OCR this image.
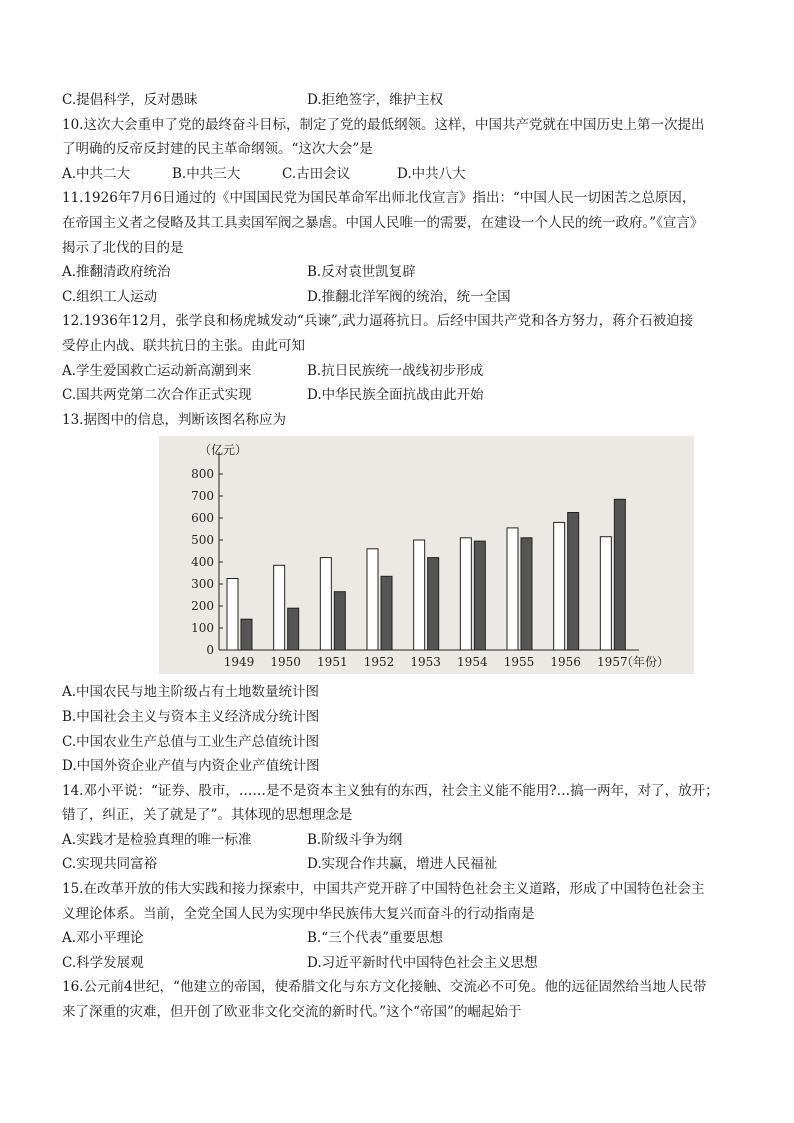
C.提倡科学，反对愚昧	D.拒绝签字，维护主权
10.这次大会重申了党的最终奋斗目标，制定了党的最低纲领。这样，中国共产党就在中国历史上第一次提出
了明确的反帝反封建的民主革命纲领。“这次大会”是
A.中共二大	B.中共三大	C.古田会议	D.中共八大
11.1926年7月6日通过的《中国国民党为国民革命军出师北伐宣言》指出：“中国人民一切困苦之总原因，
在帝国主义者之侵略及其工具卖国军阀之暴虐。中国人民唯一的需要，在建设一个人民的统一政府。”《宣言》
揭示了北伐的目的是
A.推翻清政府统治	B.反对袁世凯复辟
C.组织工人运动	D.推翻北洋军阀的统治，统一全国
12.1936年12月，张学良和杨虎城发动“兵谏”,武力逼蒋抗日。后经中国共产党和各方努力，蒋介石被迫接
受停止内战、联共抗日的主张。由此可知
A.学生爱国救亡运动新高潮到来	B.抗日民族统一战线初步形成
C.国共两党第二次合作正式实现	D.中华民族全面抗战由此开始
13.据图中的信息，判断该图名称应为
0
100
200
300
400
500
600
700
800
（亿元）
1949 1950 1951 1952 1953 1954 1955 1956 1957
（年份）
A.中国农民与地主阶级占有土地数量统计图
B.中国社会主义与资本主义经济成分统计图
C.中国农业生产总值与工业生产总值统计图
D.中国外资企业产值与内资企业产值统计图
14.邓小平说：“证券、股市，……是不是资本主义独有的东西，社会主义能不能用?…搞一两年，对了，放开；
错了，纠正，关了就是了”。其体现的思想理念是
A.实践才是检验真理的唯一标准	B.阶级斗争为纲
C.实现共同富裕	D.实现合作共赢，增进人民福祉
15.在改革开放的伟大实践和接力探索中，中国共产党开辟了中国特色社会主义道路，形成了中国特色社会主
义理论体系。当前，全党全国人民为实现中华民族伟大复兴而奋斗的行动指南是
A.邓小平理论	B.“三个代表”重要思想
C.科学发展观	D.习近平新时代中国特色社会主义思想
16.公元前4世纪，“他建立的帝国，使希腊文化与东方文化接触、交流必不可免。他的远征固然给当地人民带
来了深重的灾难，但开创了欧亚非文化交流的新时代。”这个“帝国”的崛起始于
